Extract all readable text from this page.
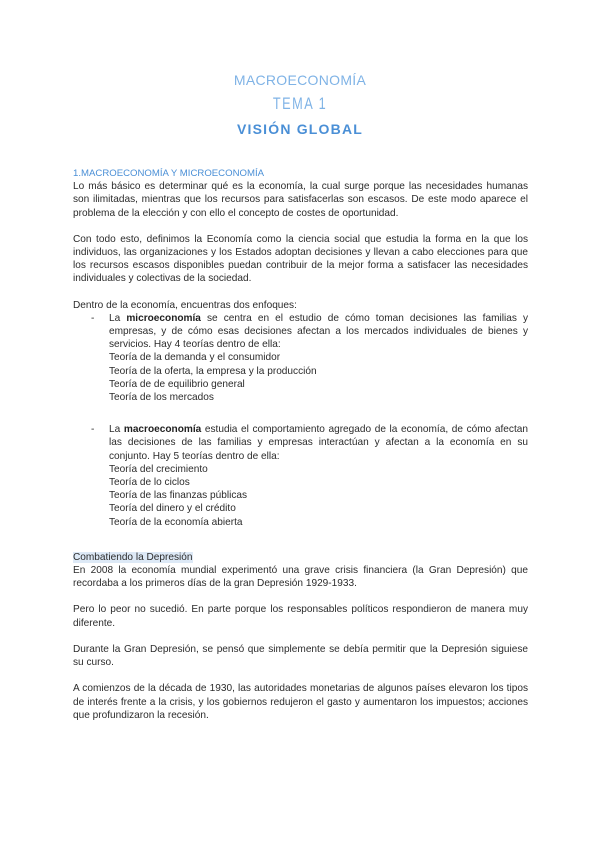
MACROECONOMÍA
TEMA 1
VISIÓN GLOBAL

1.MACROECONOMÍA Y MICROECONOMÍA

Lo más básico es determinar qué es la economía, la cual surge porque las necesidades humanas son ilimitadas, mientras que los recursos para satisfacerlas son escasos. De este modo aparece el problema de la elección y con ello el concepto de costes de oportunidad.

Con todo esto, definimos la Economía como la ciencia social que estudia la forma en la que los individuos, las organizaciones y los Estados adoptan decisiones y llevan a cabo elecciones para que los recursos escasos disponibles puedan contribuir de la mejor forma a satisfacer las necesidades individuales y colectivas de la sociedad.

Dentro de la economía, encuentras dos enfoques:

-	La microeconomía se centra en el estudio de cómo toman decisiones las familias y empresas, y de cómo esas decisiones afectan a los mercados individuales de bienes y servicios. Hay 4 teorías dentro de ella:

Teoría de la demanda y el consumidor

Teoría de la oferta, la empresa y la producción

Teoría de de equilibrio general

Teoría de los mercados

-	La macroeconomía estudia el comportamiento agregado de la economía, de cómo afectan las decisiones de las familias y empresas interactúan y afectan a la economía en su conjunto. Hay 5 teorías dentro de ella:

Teoría del crecimiento

Teoría de lo ciclos

Teoría de las finanzas públicas

Teoría del dinero y el crédito

Teoría de la economía abierta

Combatiendo la Depresión

En 2008 la economía mundial experimentó una grave crisis financiera (la Gran Depresión) que recordaba a los primeros días de la gran Depresión 1929-1933.

Pero lo peor no sucedió. En parte porque los responsables políticos respondieron de manera muy diferente.

Durante la Gran Depresión, se pensó que simplemente se debía permitir que la Depresión siguiese su curso.

A comienzos de la década de 1930, las autoridades monetarias de algunos países elevaron los tipos de interés frente a la crisis, y los gobiernos redujeron el gasto y aumentaron los impuestos; acciones que profundizaron la recesión.
